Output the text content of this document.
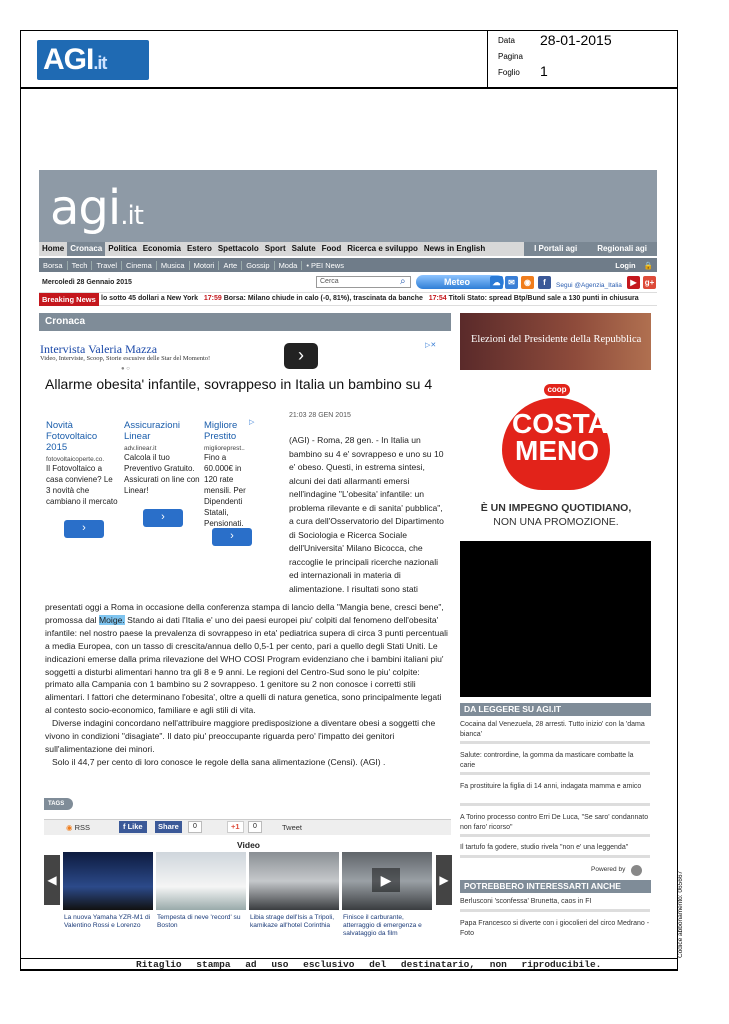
AGI.it
Data 28-01-2015
Pagina
Foglio 1
agi.it
Home Cronaca Politica Economia Estero Spettacolo Sport Salute Food Ricerca e sviluppo News in English	I Portali agi	Regionali agi
Borsa	Tech	Travel	Cinema	Musica	Motori	Arte	Gossip	Moda	• PEI News	Login	🔒
Mercoledì 28 Gennaio 2015	Cerca	⌕	Meteo	☁ ✉	◉	f	Segui @Agenzia_Italia	▶	g+
Breaking News lo sotto 45 dollari a New York 17:59 Borsa: Milano chiude in calo (-0, 81%), trascinata da banche 17:54 Titoli Stato: spread Btp/Bund sale a 130 punti in chiusura
Cronaca
Intervista Valeria Mazza
Video, Interviste, Scoop, Storie escusive delle Star del Momento!	›	▷✕
● ○
Allarme obesita' infantile, sovrappeso in Italia un bambino su 4
Novità Fotovoltaico 2015
fotovoltaicoperte.co.
Il Fotovoltaico a casa conviene? Le 3 novità che cambiano il mercato
›
Assicurazioni Linear
adv.linear.it
Calcola il tuo Preventivo Gratuito. Assicurati on line con Linear!
›
Migliore Prestito
miglioreprest..
Fino a 60.000€ in 120 rate mensili. Per Dipendenti Statali, Pensionati.
▷
›
21:03 28 GEN 2015
(AGI) - Roma, 28 gen. - In Italia un bambino su 4 e' sovrappeso e uno su 10 e' obeso. Questi, in estrema sintesi, alcuni dei dati allarmanti emersi nell'indagine "L'obesita' infantile: un problema rilevante e di sanita' pubblica", a cura dell'Osservatorio del Dipartimento di Sociologia e Ricerca Sociale dell'Universita' Milano Bicocca, che raccoglie le principali ricerche nazionali ed internazionali in materia di alimentazione. I risultati sono stati

presentati oggi a Roma in occasione della conferenza stampa di lancio della "Mangia bene, cresci bene", promossa dal Moige. Stando ai dati l'Italia e' uno dei paesi europei piu' colpiti dal fenomeno dell'obesita' infantile: nel nostro paese la prevalenza di sovrappeso in eta' pediatrica supera di circa 3 punti percentuali a media Europea, con un tasso di crescita/annua dello 0,5-1 per cento, pari a quello degli Stati Uniti. Le indicazioni emerse dalla prima rilevazione del WHO COSI Program evidenziano che i bambini italiani piu' soggetti a disturbi alimentari hanno tra gli 8 e 9 anni. Le regioni del Centro-Sud sono le piu' colpite: primato alla Campania con 1 bambino su 2 sovrappeso. 1 genitore su 2 non conosce i corretti stili alimentari. I fattori che determinano l'obesita', oltre a quelli di natura genetica, sono principalmente legati al contesto socio-economico, familiare e agli stili di vita.

Diverse indagini concordano nell'attribuire maggiore predisposizione a diventare obesi a soggetti che vivono in condizioni "disagiate". Il dato piu' preoccupante riguarda pero' l'impatto dei genitori sull'alimentazione dei minori.

Solo il 44,7 per cento di loro conosce le regole della sana alimentazione (Censi). (AGI) .

TAGS
◉ RSS	f Like	Share	0	+1	0	Tweet
Video
◀	▶
▶
La nuova Yamaha YZR-M1 di Valentino Rossi e Lorenzo
Tempesta di neve 'record' su Boston
Libia strage dell'Isis a Tripoli, kamikaze all'hotel Corinthia
Finisce il carburante, atterraggio di emergenza e salvataggio da film
Elezioni del Presidente della Repubblica
coop
COSTA
MENO
È UN IMPEGNO QUOTIDIANO,
NON UNA PROMOZIONE.
DA LEGGERE SU AGI.IT
Cocaina dal Venezuela, 28 arresti. Tutto inizio' con la 'dama bianca'
Salute: contrordine, la gomma da masticare combatte la carie
Fa prostituire la figlia di 14 anni, indagata mamma e amico
A Torino processo contro Erri De Luca, "Se saro' condannato non faro' ricorso"
Il tartufo fa godere, studio rivela "non e' una leggenda"
Powered by
POTREBBERO INTERESSARTI ANCHE
Berlusconi 'sconfessa' Brunetta, caos in FI
Papa Francesco si diverte con i giocolieri del circo Medrano - Foto	Codice abbonamento: 065667
Ritaglio stampa ad uso esclusivo del destinatario, non riproducibile.
